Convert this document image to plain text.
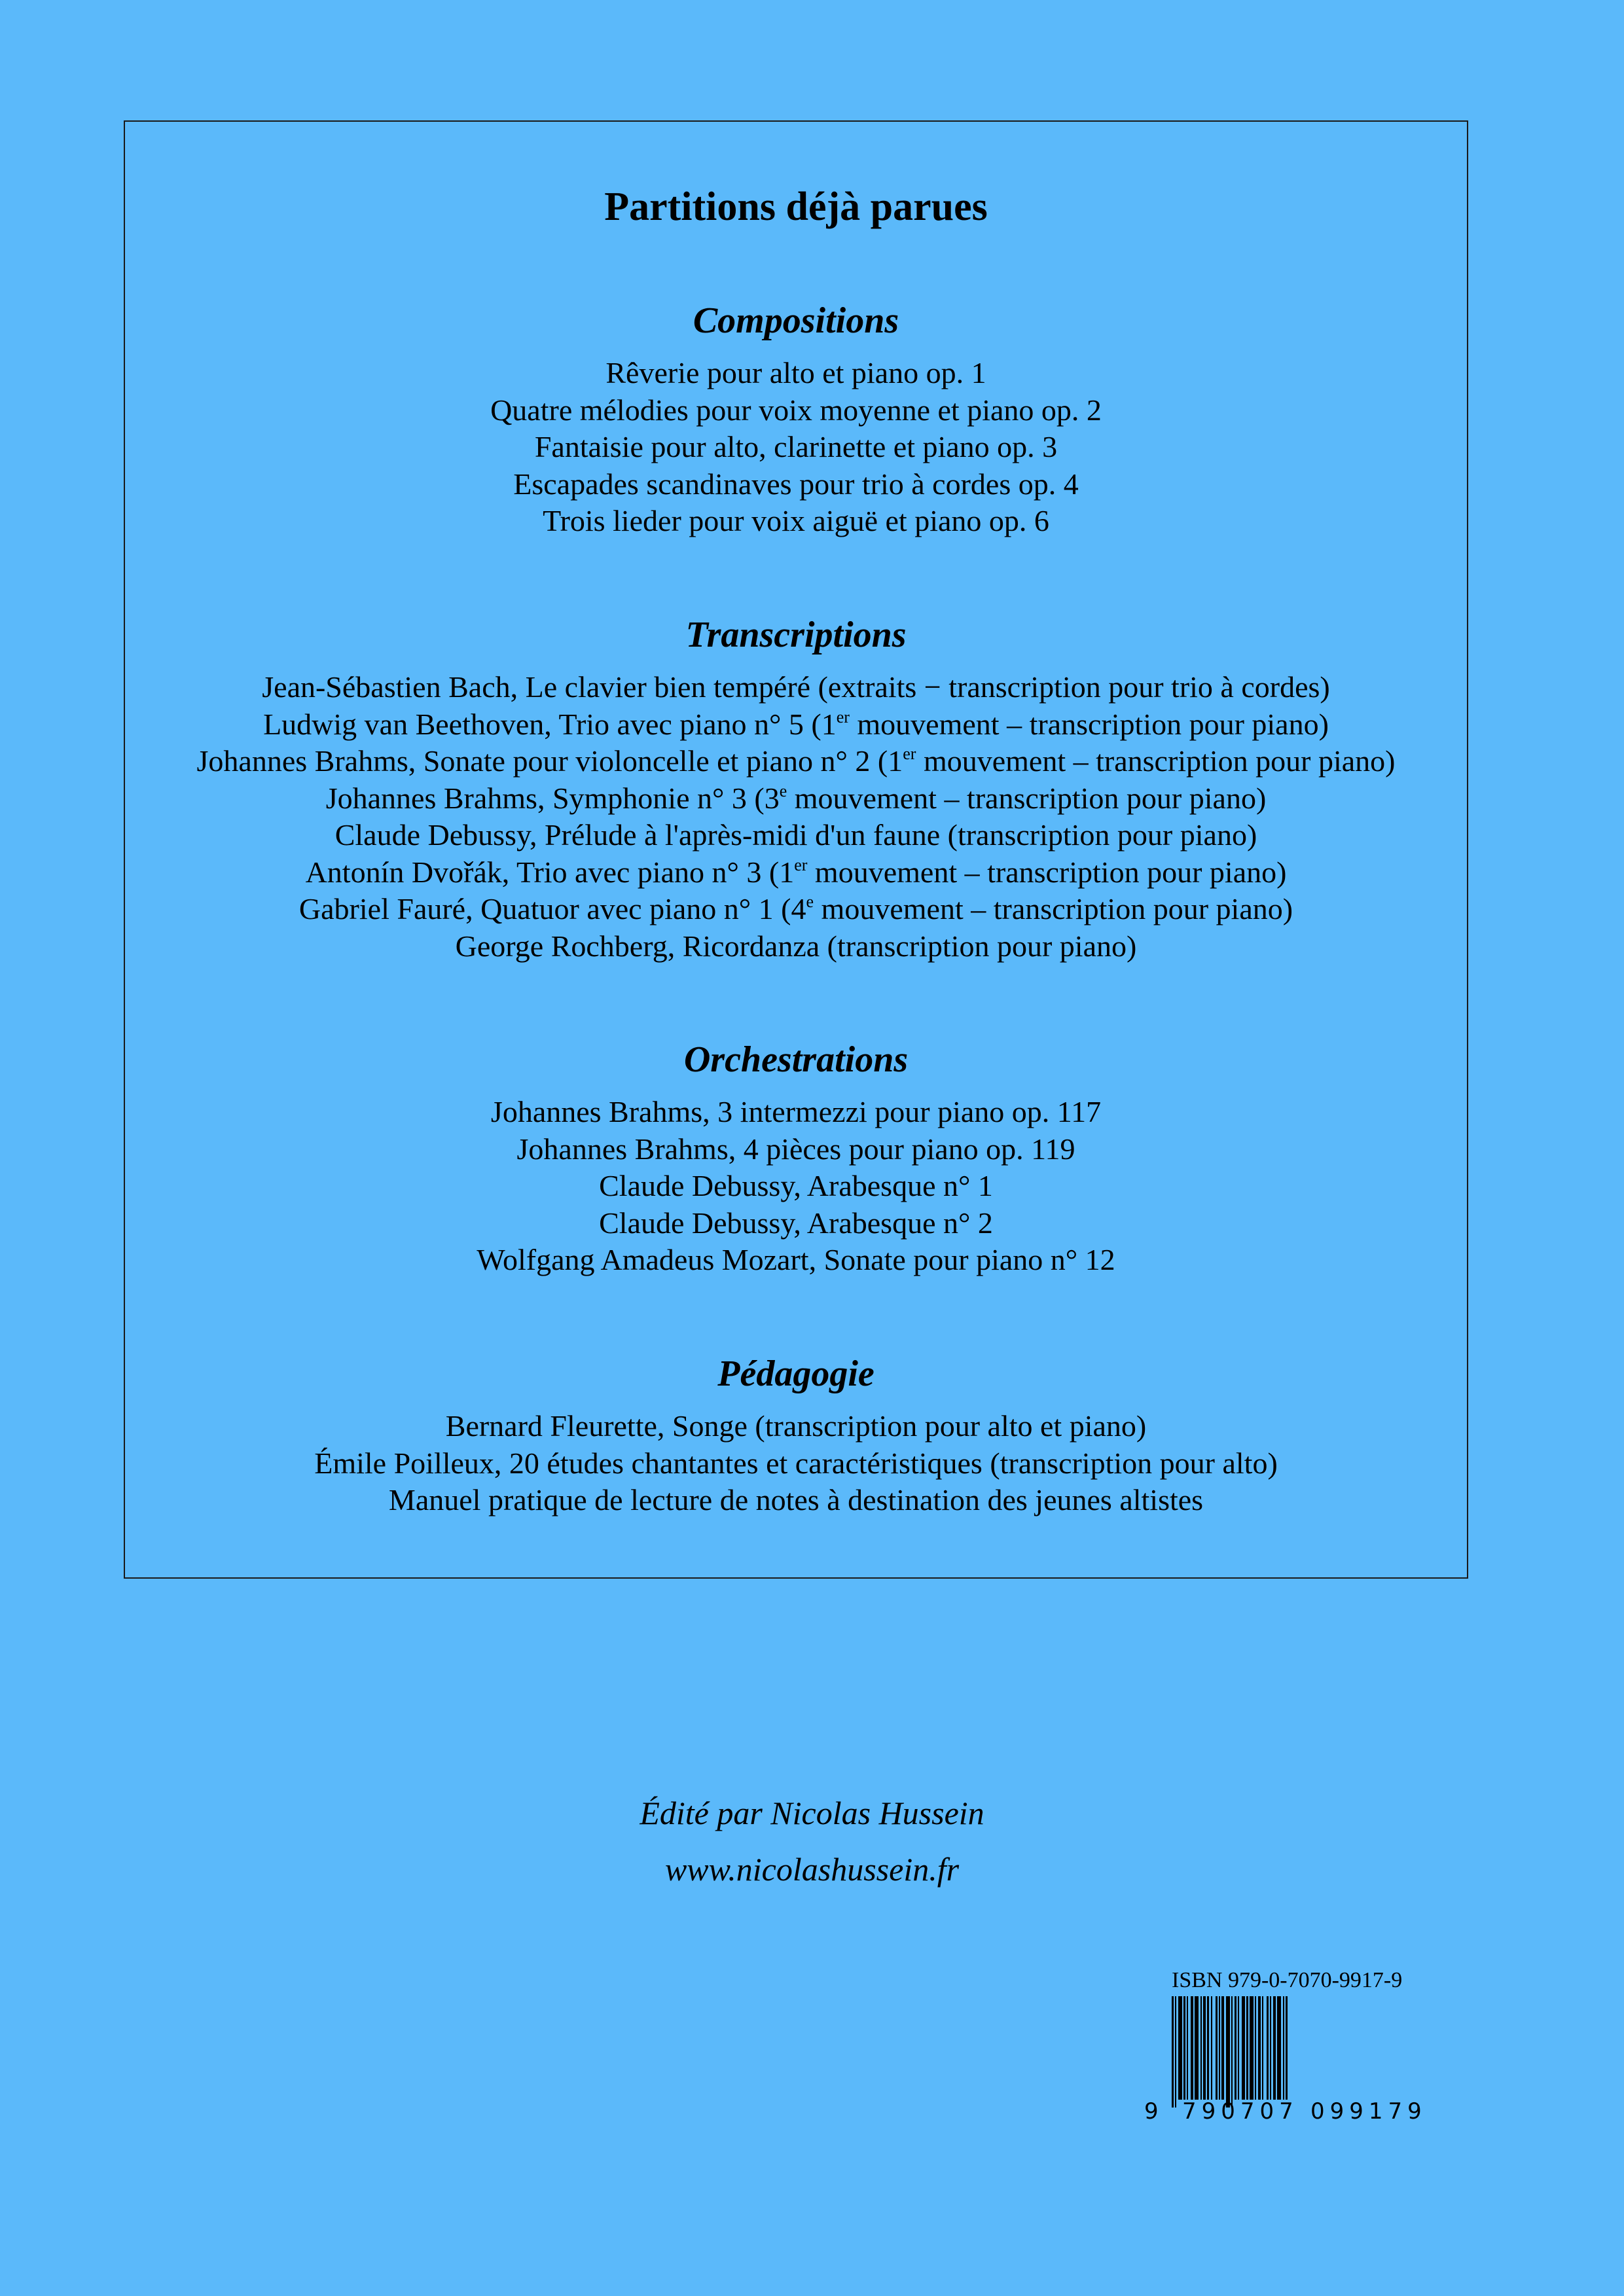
Partitions déjà parues
Compositions
Rêverie pour alto et piano op. 1
Quatre mélodies pour voix moyenne et piano op. 2
Fantaisie pour alto, clarinette et piano op. 3
Escapades scandinaves pour trio à cordes op. 4
Trois lieder pour voix aiguë et piano op. 6
Transcriptions
Jean-Sébastien Bach, Le clavier bien tempéré (extraits − transcription pour trio à cordes)
Ludwig van Beethoven, Trio avec piano n° 5 (1er mouvement – transcription pour piano)
Johannes Brahms, Sonate pour violoncelle et piano n° 2 (1er mouvement – transcription pour piano)
Johannes Brahms, Symphonie n° 3 (3e mouvement – transcription pour piano)
Claude Debussy, Prélude à l'après-midi d'un faune (transcription pour piano)
Antonín Dvořák, Trio avec piano n° 3 (1er mouvement – transcription pour piano)
Gabriel Fauré, Quatuor avec piano n° 1 (4e mouvement – transcription pour piano)
George Rochberg, Ricordanza (transcription pour piano)
Orchestrations
Johannes Brahms, 3 intermezzi pour piano op. 117
Johannes Brahms, 4 pièces pour piano op. 119
Claude Debussy, Arabesque n° 1
Claude Debussy, Arabesque n° 2
Wolfgang Amadeus Mozart, Sonate pour piano n° 12
Pédagogie
Bernard Fleurette, Songe (transcription pour alto et piano)
Émile Poilleux, 20 études chantantes et caractéristiques (transcription pour alto)
Manuel pratique de lecture de notes à destination des jeunes altistes
Édité par Nicolas Hussein
www.nicolashussein.fr
ISBN 979-0-7070-9917-9
9 790707 099179
